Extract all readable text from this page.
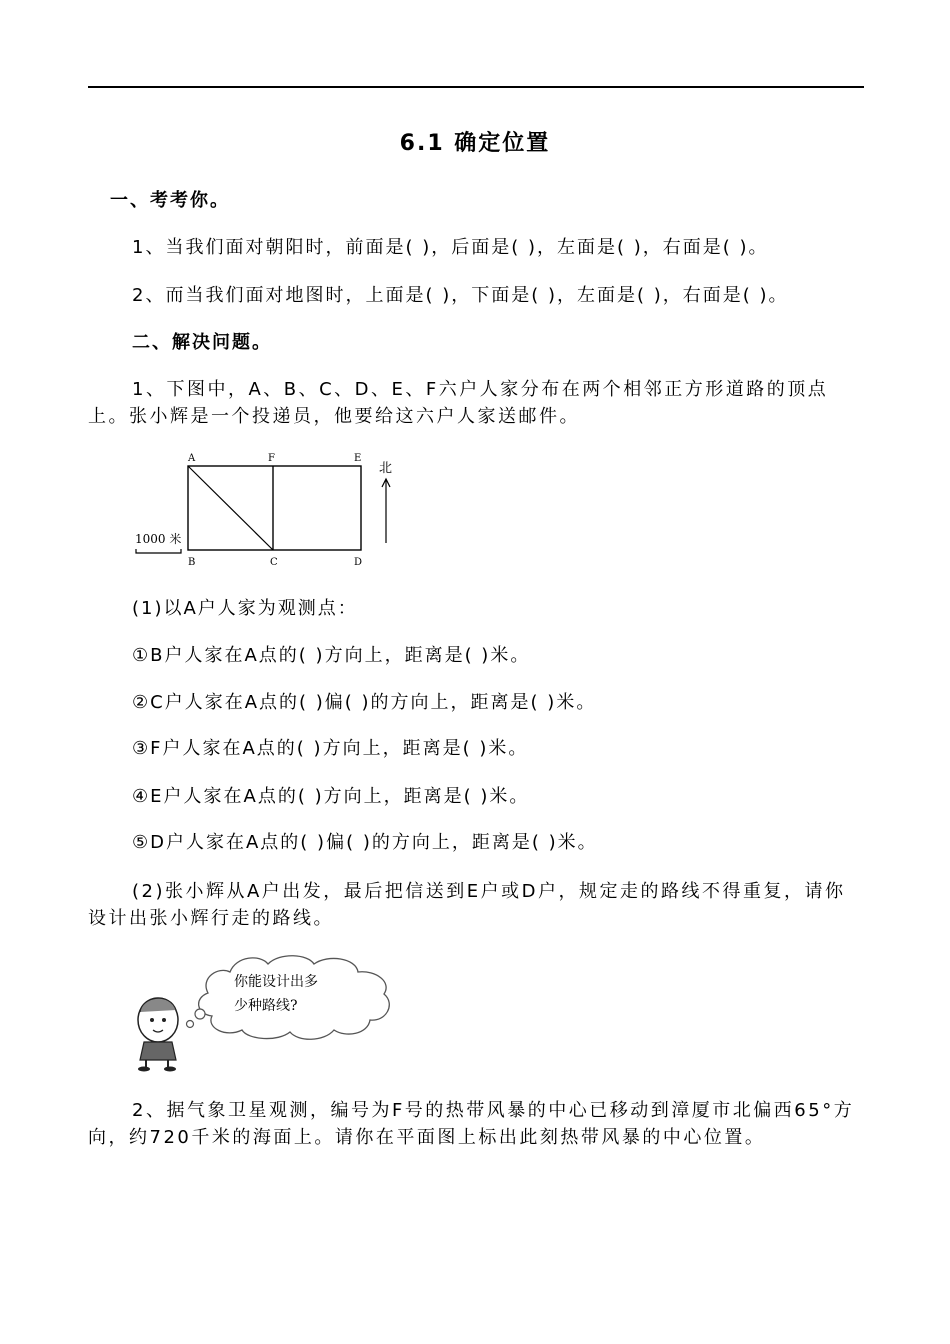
6.1 确定位置
一、考考你。
1、当我们面对朝阳时，前面是( )，后面是( )，左面是( )，右面是( )。
2、而当我们面对地图时，上面是( )，下面是( )，左面是( )，右面是( )。
二、解决问题。
1、下图中，A、B、C、D、E、F六户人家分布在两个相邻正方形道路的顶点上。张小辉是一个投递员，他要给这六户人家送邮件。
A	F	E
B	C	D
北
1000 米
(1)以A户人家为观测点：
①B户人家在A点的( )方向上，距离是( )米。
②C户人家在A点的( )偏( )的方向上，距离是( )米。
③F户人家在A点的( )方向上，距离是( )米。
④E户人家在A点的( )方向上，距离是( )米。
⑤D户人家在A点的( )偏( )的方向上，距离是( )米。
(2)张小辉从A户出发，最后把信送到E户或D户，规定走的路线不得重复，请你设计出张小辉行走的路线。
你能设计出多
少种路线?
2、据气象卫星观测，编号为F号的热带风暴的中心已移动到漳厦市北偏西65°方向，约720千米的海面上。请你在平面图上标出此刻热带风暴的中心位置。
